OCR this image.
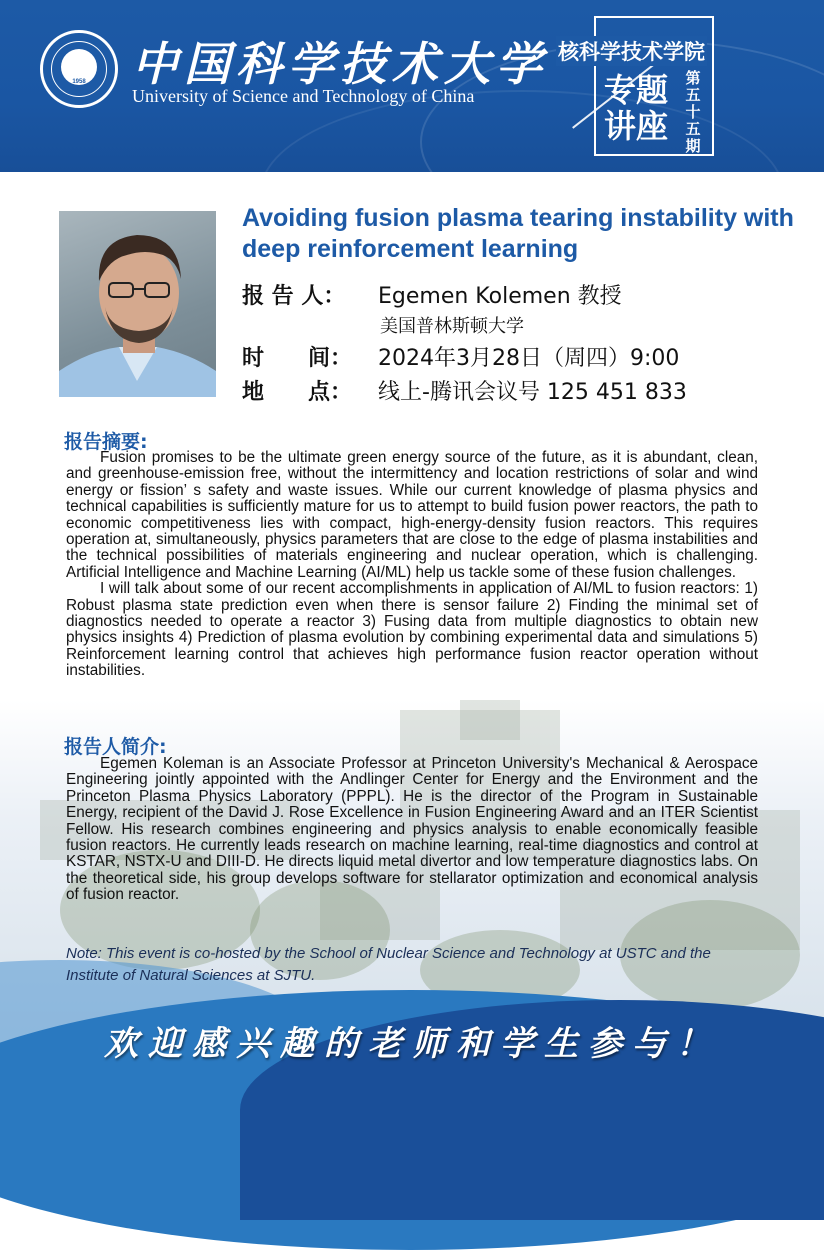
1958	中国科学技术大学
University of Science and Technology of China
核科学技术学院
专题讲座
第五十五期
Avoiding fusion plasma tearing instability with deep reinforcement learning
报 告 人： Egemen Kolemen 教授
美国普林斯顿大学
时　　间： 2024年3月28日（周四）9:00
地　　点： 线上-腾讯会议号 125 451 833
报告摘要:

Fusion promises to be the ultimate green energy source of the future, as it is abundant, clean, and greenhouse-emission free, without the intermittency and location restrictions of solar and wind energy or fission’ s safety and waste issues. While our current knowledge of plasma physics and technical capabilities is sufficiently mature for us to attempt to build fusion power reactors, the path to economic competitiveness lies with compact, high-energy-density fusion reactors. This requires operation at, simultaneously, physics parameters that are close to the edge of plasma instabilities and the technical possibilities of materials engineering and nuclear operation, which is challenging. Artificial Intelligence and Machine Learning (AI/ML) help us tackle some of these fusion challenges.

I will talk about some of our recent accomplishments in application of AI/ML to fusion reactors: 1) Robust plasma state prediction even when there is sensor failure 2) Finding the minimal set of diagnostics needed to operate a reactor 3) Fusing data from multiple diagnostics to obtain new physics insights 4) Prediction of plasma evolution by combining experimental data and simulations 5) Reinforcement learning control that achieves high performance fusion reactor operation without instabilities.

报告人简介:

Egemen Koleman is an Associate Professor at Princeton University's Mechanical & Aerospace Engineering jointly appointed with the Andlinger Center for Energy and the Environment and the Princeton Plasma Physics Laboratory (PPPL). He is the director of the Program in Sustainable Energy, recipient of the David J. Rose Excellence in Fusion Engineering Award and an ITER Scientist Fellow. His research combines engineering and physics analysis to enable economically feasible fusion reactors. He currently leads research on machine learning, real-time diagnostics and control at KSTAR, NSTX-U and DIII-D. He directs liquid metal divertor and low temperature diagnostics labs. On the theoretical side, his group develops software for stellarator optimization and economical analysis of fusion reactor.

Note: This event is co-hosted by the School of Nuclear Science and Technology at USTC and the Institute of Natural Sciences at SJTU.
欢迎感兴趣的老师和学生参与！
